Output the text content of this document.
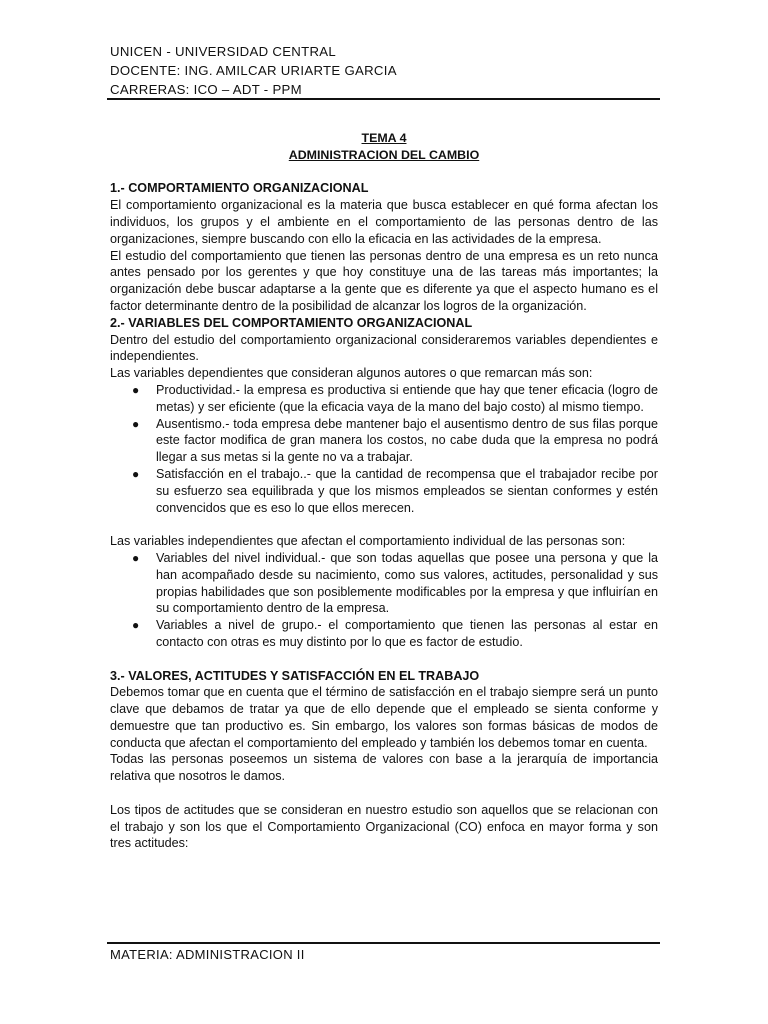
UNICEN - UNIVERSIDAD CENTRAL
DOCENTE: ING. AMILCAR URIARTE GARCIA
CARRERAS: ICO – ADT - PPM
TEMA 4
ADMINISTRACION DEL CAMBIO
1.- COMPORTAMIENTO ORGANIZACIONAL

El comportamiento organizacional es la materia que busca establecer en qué forma afectan los individuos, los grupos y el ambiente en el comportamiento de las personas dentro de las organizaciones, siempre buscando con ello la eficacia en las actividades de la empresa.

El estudio del comportamiento que tienen las personas dentro de una empresa es un reto nunca antes pensado por los gerentes y que hoy constituye una de las tareas más importantes; la organización debe buscar adaptarse a la gente que es diferente ya que el aspecto humano es el factor determinante dentro de la posibilidad de alcanzar los logros de la organización.

2.- VARIABLES DEL COMPORTAMIENTO ORGANIZACIONAL

Dentro del estudio del comportamiento organizacional consideraremos variables dependientes e independientes.

Las variables dependientes que consideran algunos autores o que remarcan más son:

● Productividad.- la empresa es productiva si entiende que hay que tener eficacia (logro de metas) y ser eficiente (que la eficacia vaya de la mano del bajo costo) al mismo tiempo.
● Ausentismo.- toda empresa debe mantener bajo el ausentismo dentro de sus filas porque este factor modifica de gran manera los costos, no cabe duda que la empresa no podrá llegar a sus metas si la gente no va a trabajar.
● Satisfacción en el trabajo..- que la cantidad de recompensa que el trabajador recibe por su esfuerzo sea equilibrada y que los mismos empleados se sientan conformes y estén convencidos que es eso lo que ellos merecen.

Las variables independientes que afectan el comportamiento individual de las personas son:

● Variables del nivel individual.- que son todas aquellas que posee una persona y que la han acompañado desde su nacimiento, como sus valores, actitudes, personalidad y sus propias habilidades que son posiblemente modificables por la empresa y que influirían en su comportamiento dentro de la empresa.
● Variables a nivel de grupo.- el comportamiento que tienen las personas al estar en contacto con otras es muy distinto por lo que es factor de estudio.
3.- VALORES, ACTITUDES Y SATISFACCIÓN EN EL TRABAJO

Debemos tomar que en cuenta que el término de satisfacción en el trabajo siempre será un punto clave que debamos de tratar ya que de ello depende que el empleado se sienta conforme y demuestre que tan productivo es. Sin embargo, los valores son formas básicas de modos de conducta que afectan el comportamiento del empleado y también los debemos tomar en cuenta.

Todas las personas poseemos un sistema de valores con base a la jerarquía de importancia relativa que nosotros le damos.

Los tipos de actitudes que se consideran en nuestro estudio son aquellos que se relacionan con el trabajo y son los que el Comportamiento Organizacional (CO) enfoca en mayor forma y son tres actitudes:

MATERIA: ADMINISTRACION II
